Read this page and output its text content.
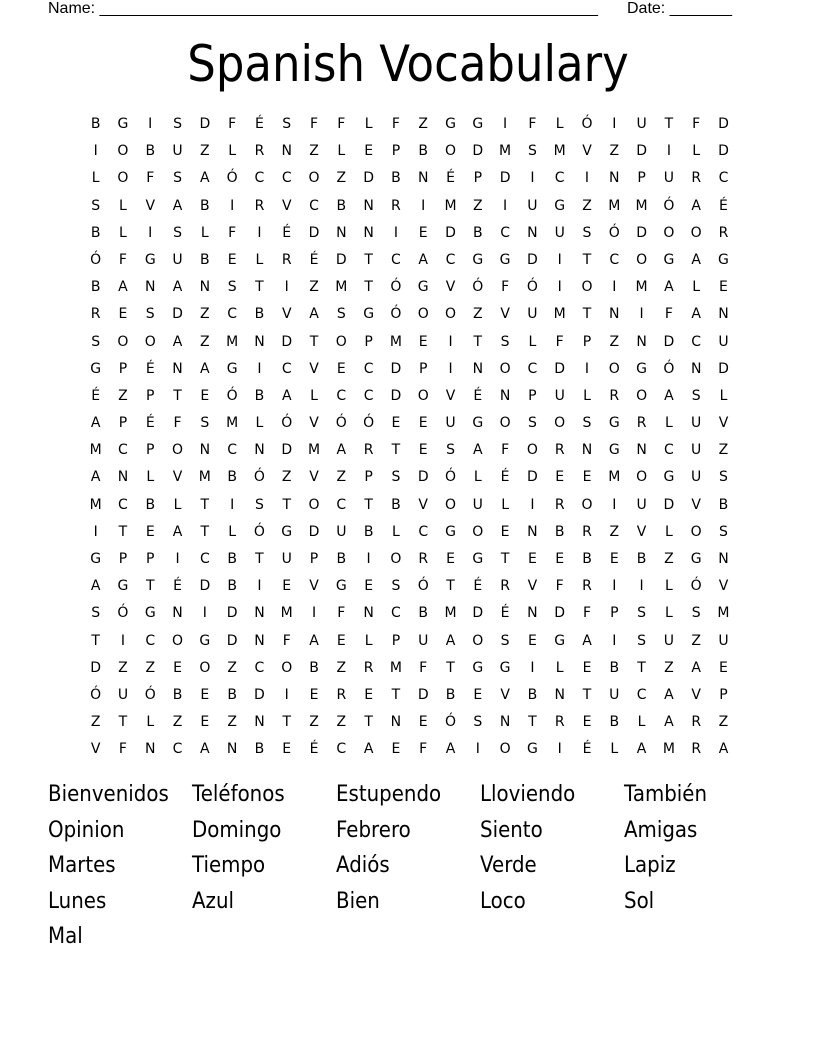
Name: ________________________________________________________ Date: _______
Spanish Vocabulary
B	G	I	S	D	F	É	S	F	F	L	F	Z	G	G	I	F	L	Ó	I	U	T	F	D
I	O	B	U	Z	L	R	N	Z	L	E	P	B	O	D	M	S	M	V	Z	D	I	L	D
L	O	F	S	A	Ó	C	C	O	Z	D	B	N	É	P	D	I	C	I	N	P	U	R	C
S	L	V	A	B	I	R	V	C	B	N	R	I	M	Z	I	U	G	Z	M	M	Ó	A	É
B	L	I	S	L	F	I	É	D	N	N	I	E	D	B	C	N	U	S	Ó	D	O	O	R
Ó	F	G	U	B	E	L	R	É	D	T	C	A	C	G	G	D	I	T	C	O	G	A	G
B	A	N	A	N	S	T	I	Z	M	T	Ó	G	V	Ó	F	Ó	I	O	I	M	A	L	E
R	E	S	D	Z	C	B	V	A	S	G	Ó	O	O	Z	V	U	M	T	N	I	F	A	N
S	O	O	A	Z	M	N	D	T	O	P	M	E	I	T	S	L	F	P	Z	N	D	C	U
G	P	É	N	A	G	I	C	V	E	C	D	P	I	N	O	C	D	I	O	G	Ó	N	D
É	Z	P	T	E	Ó	B	A	L	C	C	D	O	V	É	N	P	U	L	R	O	A	S	L
A	P	É	F	S	M	L	Ó	V	Ó	Ó	E	E	U	G	O	S	O	S	G	R	L	U	V
M	C	P	O	N	C	N	D	M	A	R	T	E	S	A	F	O	R	N	G	N	C	U	Z
A	N	L	V	M	B	Ó	Z	V	Z	P	S	D	Ó	L	É	D	E	E	M	O	G	U	S
M	C	B	L	T	I	S	T	O	C	T	B	V	O	U	L	I	R	O	I	U	D	V	B
I	T	E	A	T	L	Ó	G	D	U	B	L	C	G	O	E	N	B	R	Z	V	L	O	S
G	P	P	I	C	B	T	U	P	B	I	O	R	E	G	T	E	E	B	E	B	Z	G	N
A	G	T	É	D	B	I	E	V	G	E	S	Ó	T	É	R	V	F	R	I	I	L	Ó	V
S	Ó	G	N	I	D	N	M	I	F	N	C	B	M	D	É	N	D	F	P	S	L	S	M
T	I	C	O	G	D	N	F	A	E	L	P	U	A	O	S	E	G	A	I	S	U	Z	U
D	Z	Z	E	O	Z	C	O	B	Z	R	M	F	T	G	G	I	L	E	B	T	Z	A	E
Ó	U	Ó	B	E	B	D	I	E	R	E	T	D	B	E	V	B	N	T	U	C	A	V	P
Z	T	L	Z	E	Z	N	T	Z	Z	T	N	E	Ó	S	N	T	R	E	B	L	A	R	Z
V	F	N	C	A	N	B	E	É	C	A	E	F	A	I	O	G	I	É	L	A	M	R	A
Bienvenidos	Teléfonos	Estupendo	Lloviendo	También
Opinion	Domingo	Febrero	Siento	Amigas
Martes	Tiempo	Adiós	Verde	Lapiz
Lunes	Azul	Bien	Loco	Sol
Mal
